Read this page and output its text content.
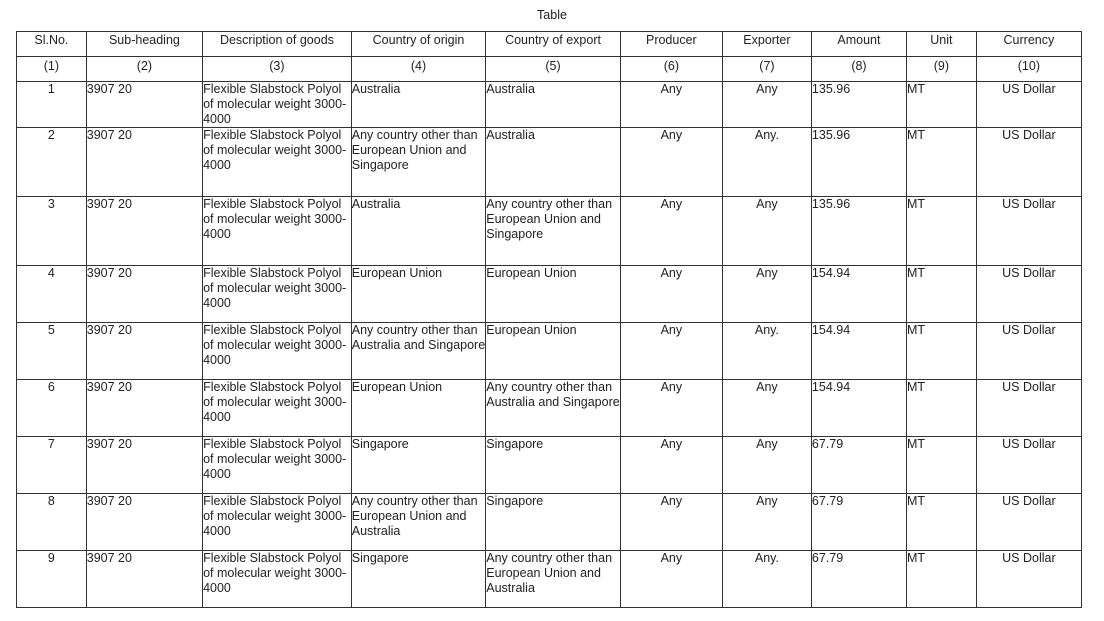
Table
Sl.No.	Sub-heading	Description of goods	Country of origin	Country of export	Producer	Exporter	Amount	Unit	Currency
(1)	(2)	(3)	(4)	(5)	(6)	(7)	(8)	(9)	(10)
1	3907 20	Flexible Slabstock Polyol of molecular weight 3000-4000	Australia	Australia	Any	Any	135.96	MT	US Dollar
2	3907 20	Flexible Slabstock Polyol of molecular weight 3000-4000	Any country other than European Union and Singapore	Australia	Any	Any.	135.96	MT	US Dollar
3	3907 20	Flexible Slabstock Polyol of molecular weight 3000-4000	Australia	Any country other than European Union and Singapore	Any	Any	135.96	MT	US Dollar
4	3907 20	Flexible Slabstock Polyol of molecular weight 3000-4000	European Union	European Union	Any	Any	154.94	MT	US Dollar
5	3907 20	Flexible Slabstock Polyol of molecular weight 3000-4000	Any country other than Australia and Singapore	European Union	Any	Any.	154.94	MT	US Dollar
6	3907 20	Flexible Slabstock Polyol of molecular weight 3000-4000	European Union	Any country other than Australia and Singapore	Any	Any	154.94	MT	US Dollar
7	3907 20	Flexible Slabstock Polyol of molecular weight 3000-4000	Singapore	Singapore	Any	Any	67.79	MT	US Dollar
8	3907 20	Flexible Slabstock Polyol of molecular weight 3000-4000	Any country other than European Union and Australia	Singapore	Any	Any	67.79	MT	US Dollar
9	3907 20	Flexible Slabstock Polyol of molecular weight 3000-4000	Singapore	Any country other than European Union and Australia	Any	Any.	67.79	MT	US Dollar
